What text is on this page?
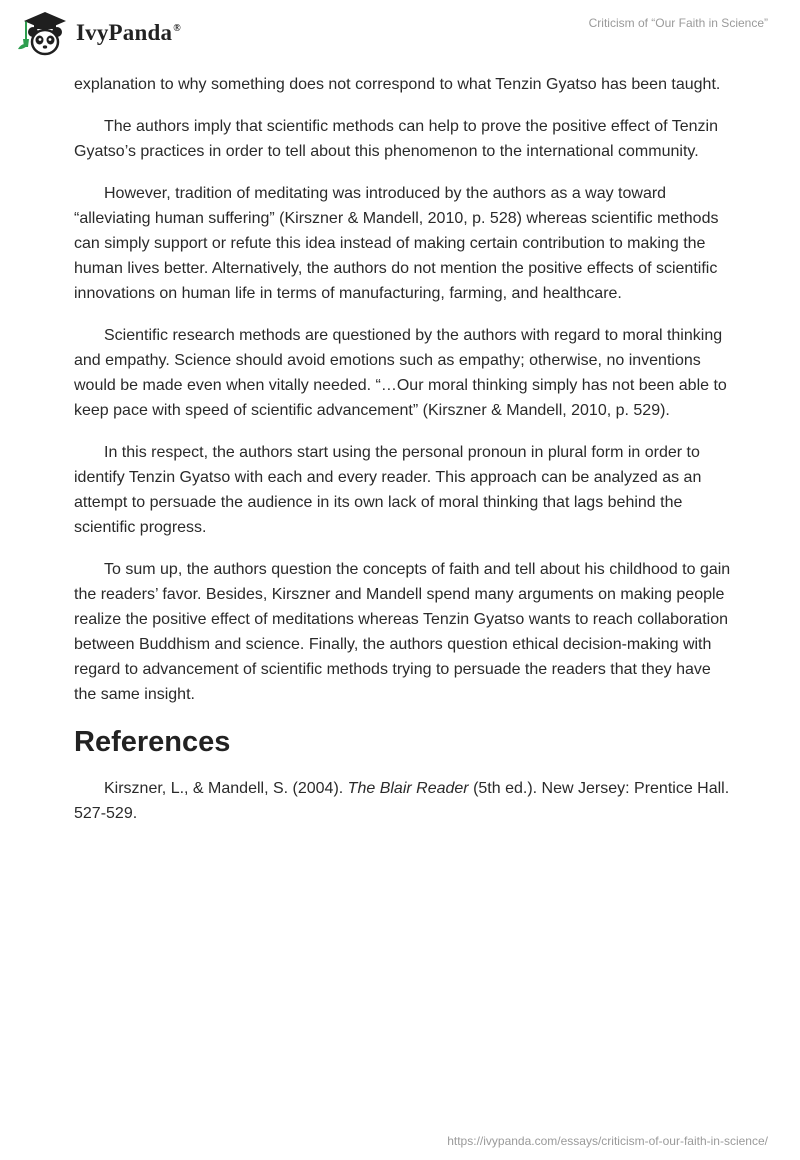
IvyPanda®	Criticism of “Our Faith in Science”

explanation to why something does not correspond to what Tenzin Gyatso has been taught.

The authors imply that scientific methods can help to prove the positive effect of Tenzin Gyatso’s practices in order to tell about this phenomenon to the international community.

However, tradition of meditating was introduced by the authors as a way toward “alleviating human suffering” (Kirszner & Mandell, 2010, p. 528) whereas scientific methods can simply support or refute this idea instead of making certain contribution to making the human lives better. Alternatively, the authors do not mention the positive effects of scientific innovations on human life in terms of manufacturing, farming, and healthcare.

Scientific research methods are questioned by the authors with regard to moral thinking and empathy. Science should avoid emotions such as empathy; otherwise, no inventions would be made even when vitally needed. “…Our moral thinking simply has not been able to keep pace with speed of scientific advancement” (Kirszner & Mandell, 2010, p. 529).

In this respect, the authors start using the personal pronoun in plural form in order to identify Tenzin Gyatso with each and every reader. This approach can be analyzed as an attempt to persuade the audience in its own lack of moral thinking that lags behind the scientific progress.

To sum up, the authors question the concepts of faith and tell about his childhood to gain the readers’ favor. Besides, Kirszner and Mandell spend many arguments on making people realize the positive effect of meditations whereas Tenzin Gyatso wants to reach collaboration between Buddhism and science. Finally, the authors question ethical decision-making with regard to advancement of scientific methods trying to persuade the readers that they have the same insight.

References

Kirszner, L., & Mandell, S. (2004). The Blair Reader (5th ed.). New Jersey: Prentice Hall. 527-529.

https://ivypanda.com/essays/criticism-of-our-faith-in-science/
